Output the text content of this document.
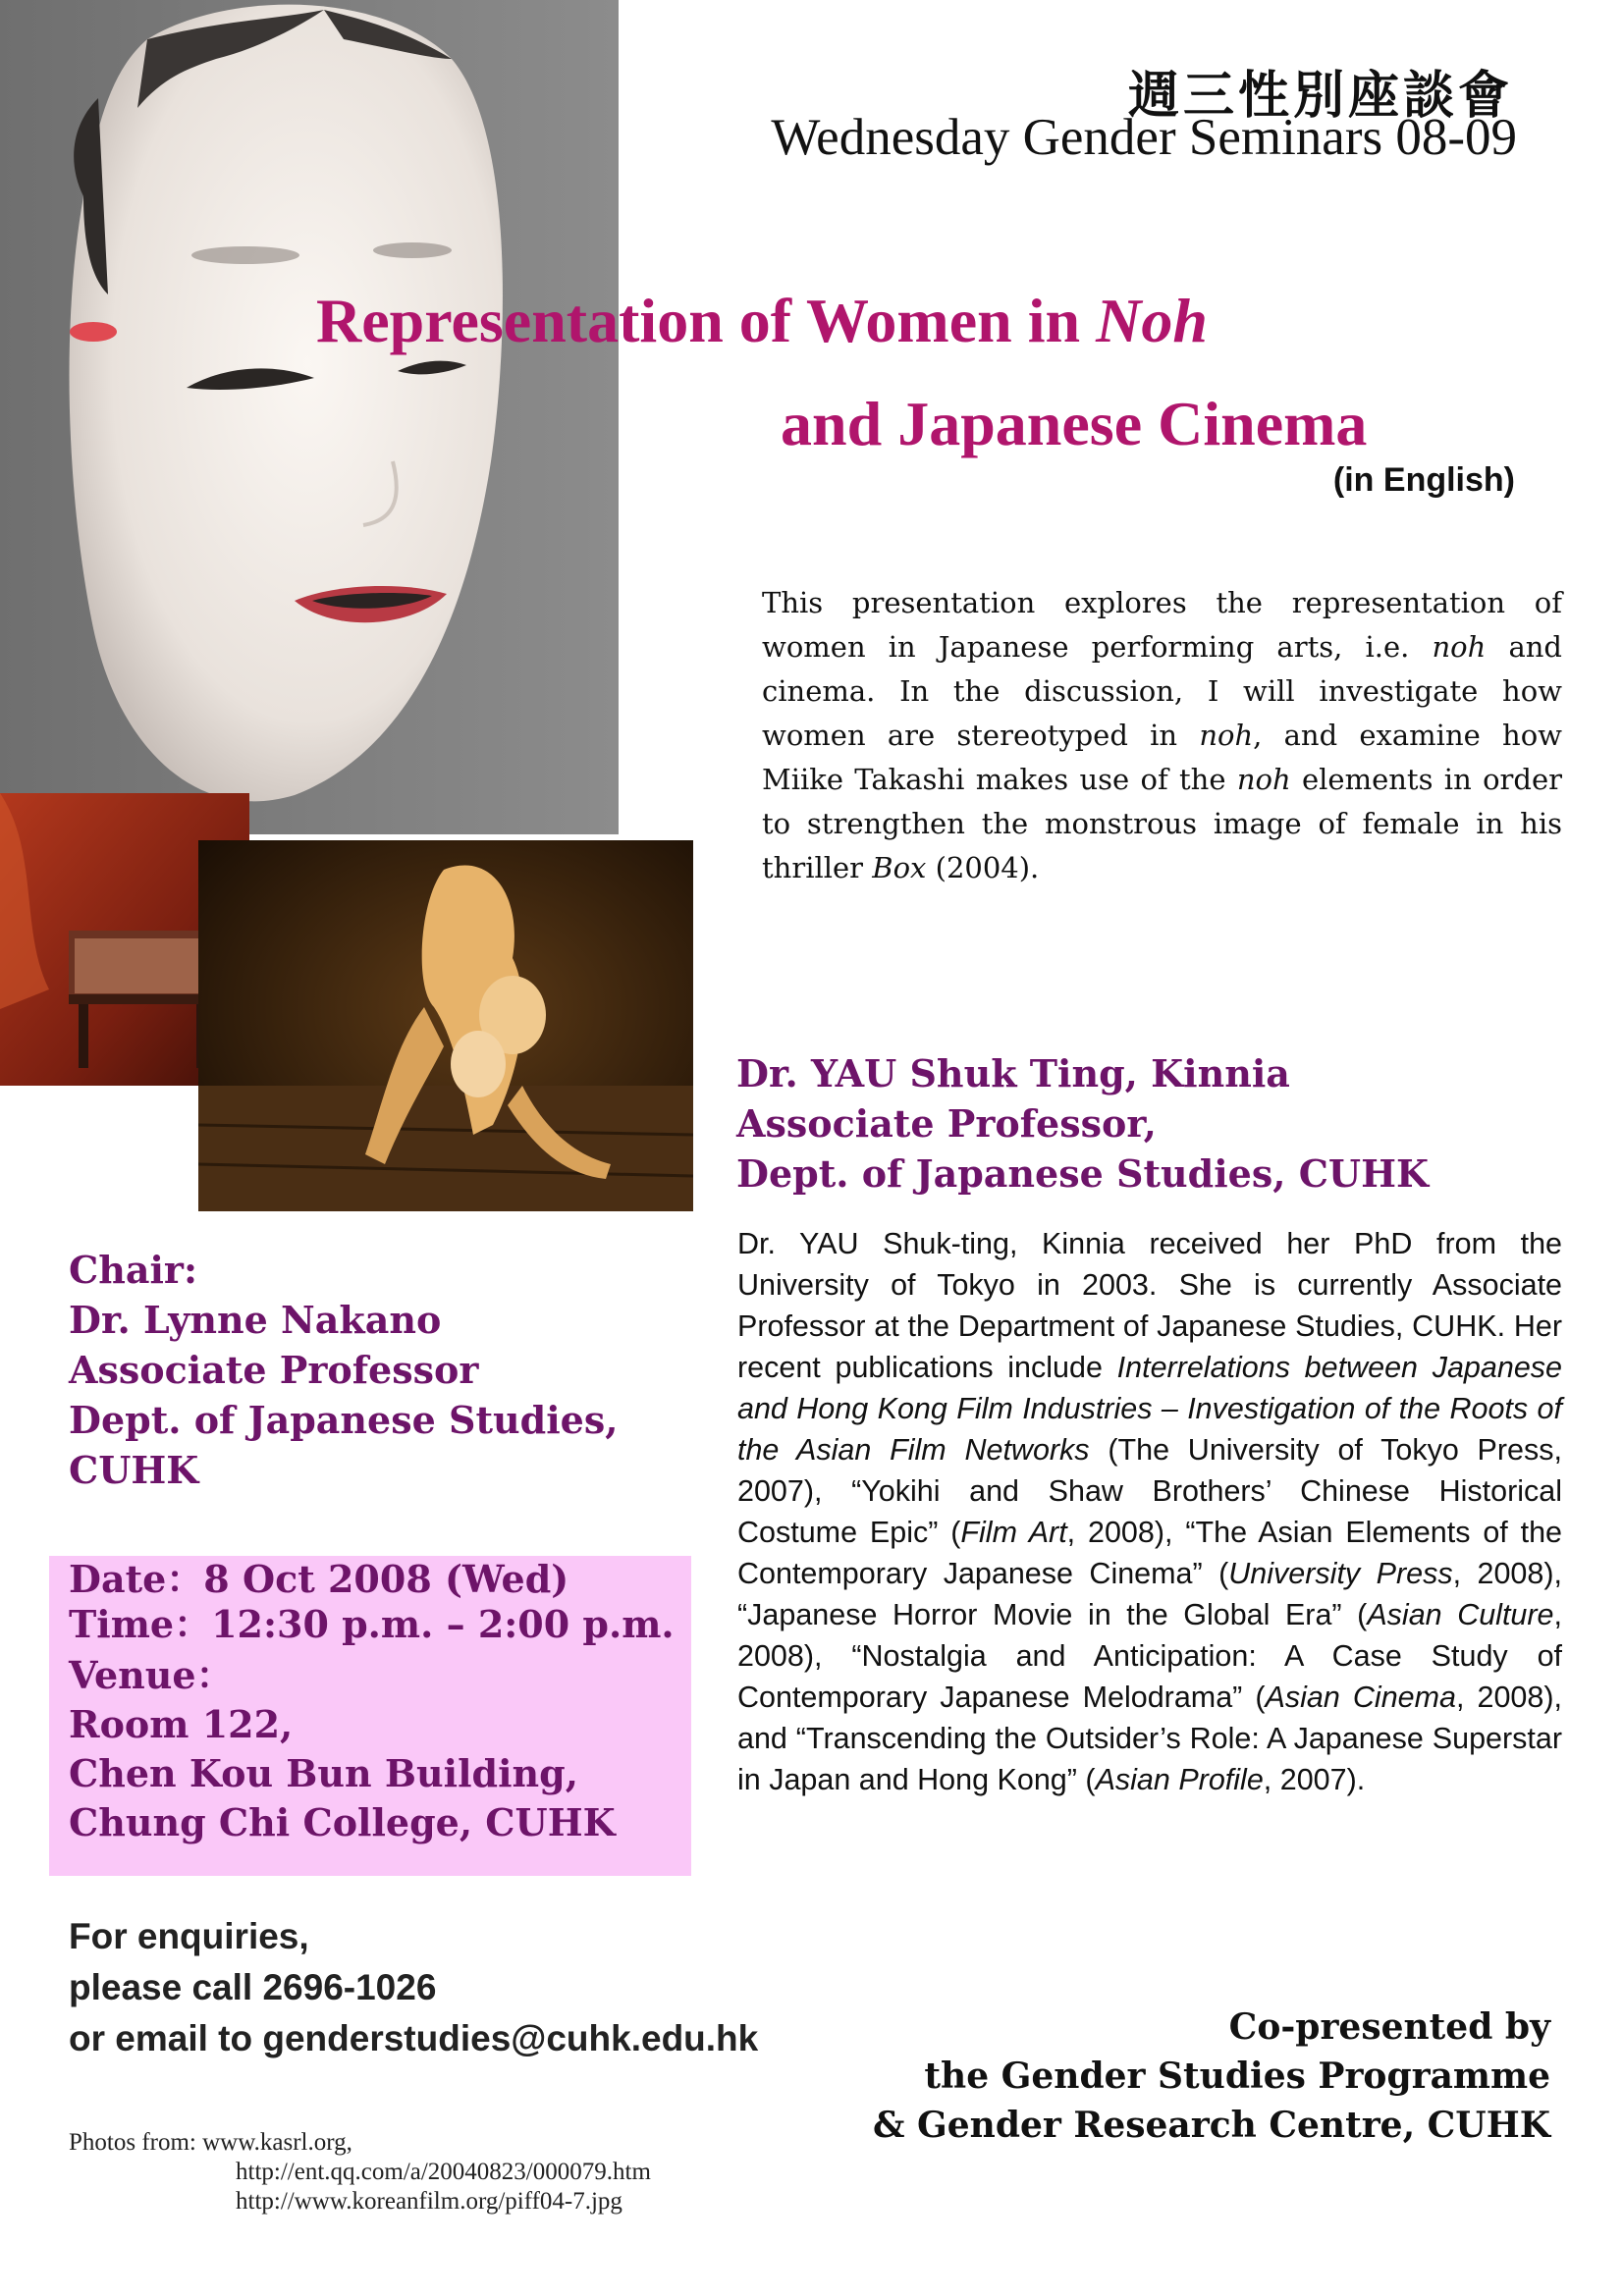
週三性別座談會
Wednesday Gender Seminars 08-09
Representation of Women in Noh
and Japanese Cinema
(in English)
This presentation explores the representation of women in Japanese performing arts, i.e. noh and cinema. In the discussion, I will investigate how women are stereotyped in noh, and examine how Miike Takashi makes use of the noh elements in order to strengthen the monstrous image of female in his thriller Box (2004).
Dr. YAU Shuk Ting, Kinnia
Associate Professor,
Dept. of Japanese Studies, CUHK
Dr. YAU Shuk-ting, Kinnia received her PhD from the University of Tokyo in 2003. She is currently Associate Professor at the Department of Japanese Studies, CUHK. Her recent publications include Interrelations between Japanese and Hong Kong Film Industries – Investigation of the Roots of the Asian Film Networks (The University of Tokyo Press, 2007), “Yokihi and Shaw Brothers’ Chinese Historical Costume Epic” (Film Art, 2008), “The Asian Elements of the Contemporary Japanese Cinema” (University Press, 2008), “Japanese Horror Movie in the Global Era” (Asian Culture, 2008), “Nostalgia and Anticipation: A Case Study of Contemporary Japanese Melodrama” (Asian Cinema, 2008), and “Transcending the Outsider’s Role: A Japanese Superstar in Japan and Hong Kong” (Asian Profile, 2007).
Chair:
Dr. Lynne Nakano
Associate Professor
Dept. of Japanese Studies,
CUHK
Date：8 Oct 2008 (Wed)
Time：12:30 p.m. – 2:00 p.m.
Venue：
Room 122,
Chen Kou Bun Building,
Chung Chi College, CUHK
For enquiries,
please call 2696-1026
or email to genderstudies@cuhk.edu.hk	Co-presented by
the Gender Studies Programme
& Gender Research Centre, CUHK
Photos from: www.kasrl.org,
http://ent.qq.com/a/20040823/000079.htm
http://www.koreanfilm.org/piff04-7.jpg
